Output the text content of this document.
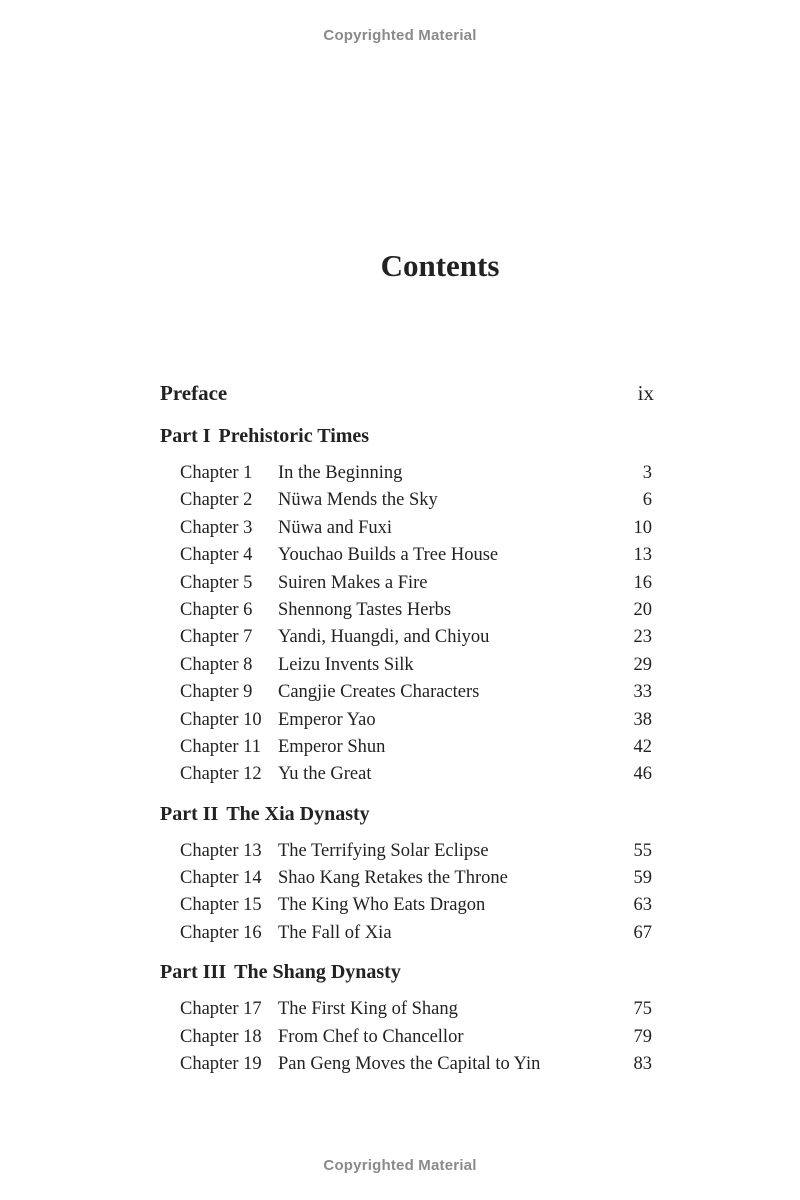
Copyrighted Material
Contents
Preface	ix
Part I Prehistoric Times
Chapter 1	In the Beginning	3
Chapter 2	Nüwa Mends the Sky	6
Chapter 3	Nüwa and Fuxi	10
Chapter 4	Youchao Builds a Tree House	13
Chapter 5	Suiren Makes a Fire	16
Chapter 6	Shennong Tastes Herbs	20
Chapter 7	Yandi, Huangdi, and Chiyou	23
Chapter 8	Leizu Invents Silk	29
Chapter 9	Cangjie Creates Characters	33
Chapter 10 Emperor Yao	38
Chapter 11 Emperor Shun	42
Chapter 12 Yu the Great	46
Part II The Xia Dynasty
Chapter 13 The Terrifying Solar Eclipse	55
Chapter 14 Shao Kang Retakes the Throne	59
Chapter 15 The King Who Eats Dragon	63
Chapter 16 The Fall of Xia	67
Part III The Shang Dynasty
Chapter 17 The First King of Shang	75
Chapter 18 From Chef to Chancellor	79
Chapter 19 Pan Geng Moves the Capital to Yin	83
Copyrighted Material
